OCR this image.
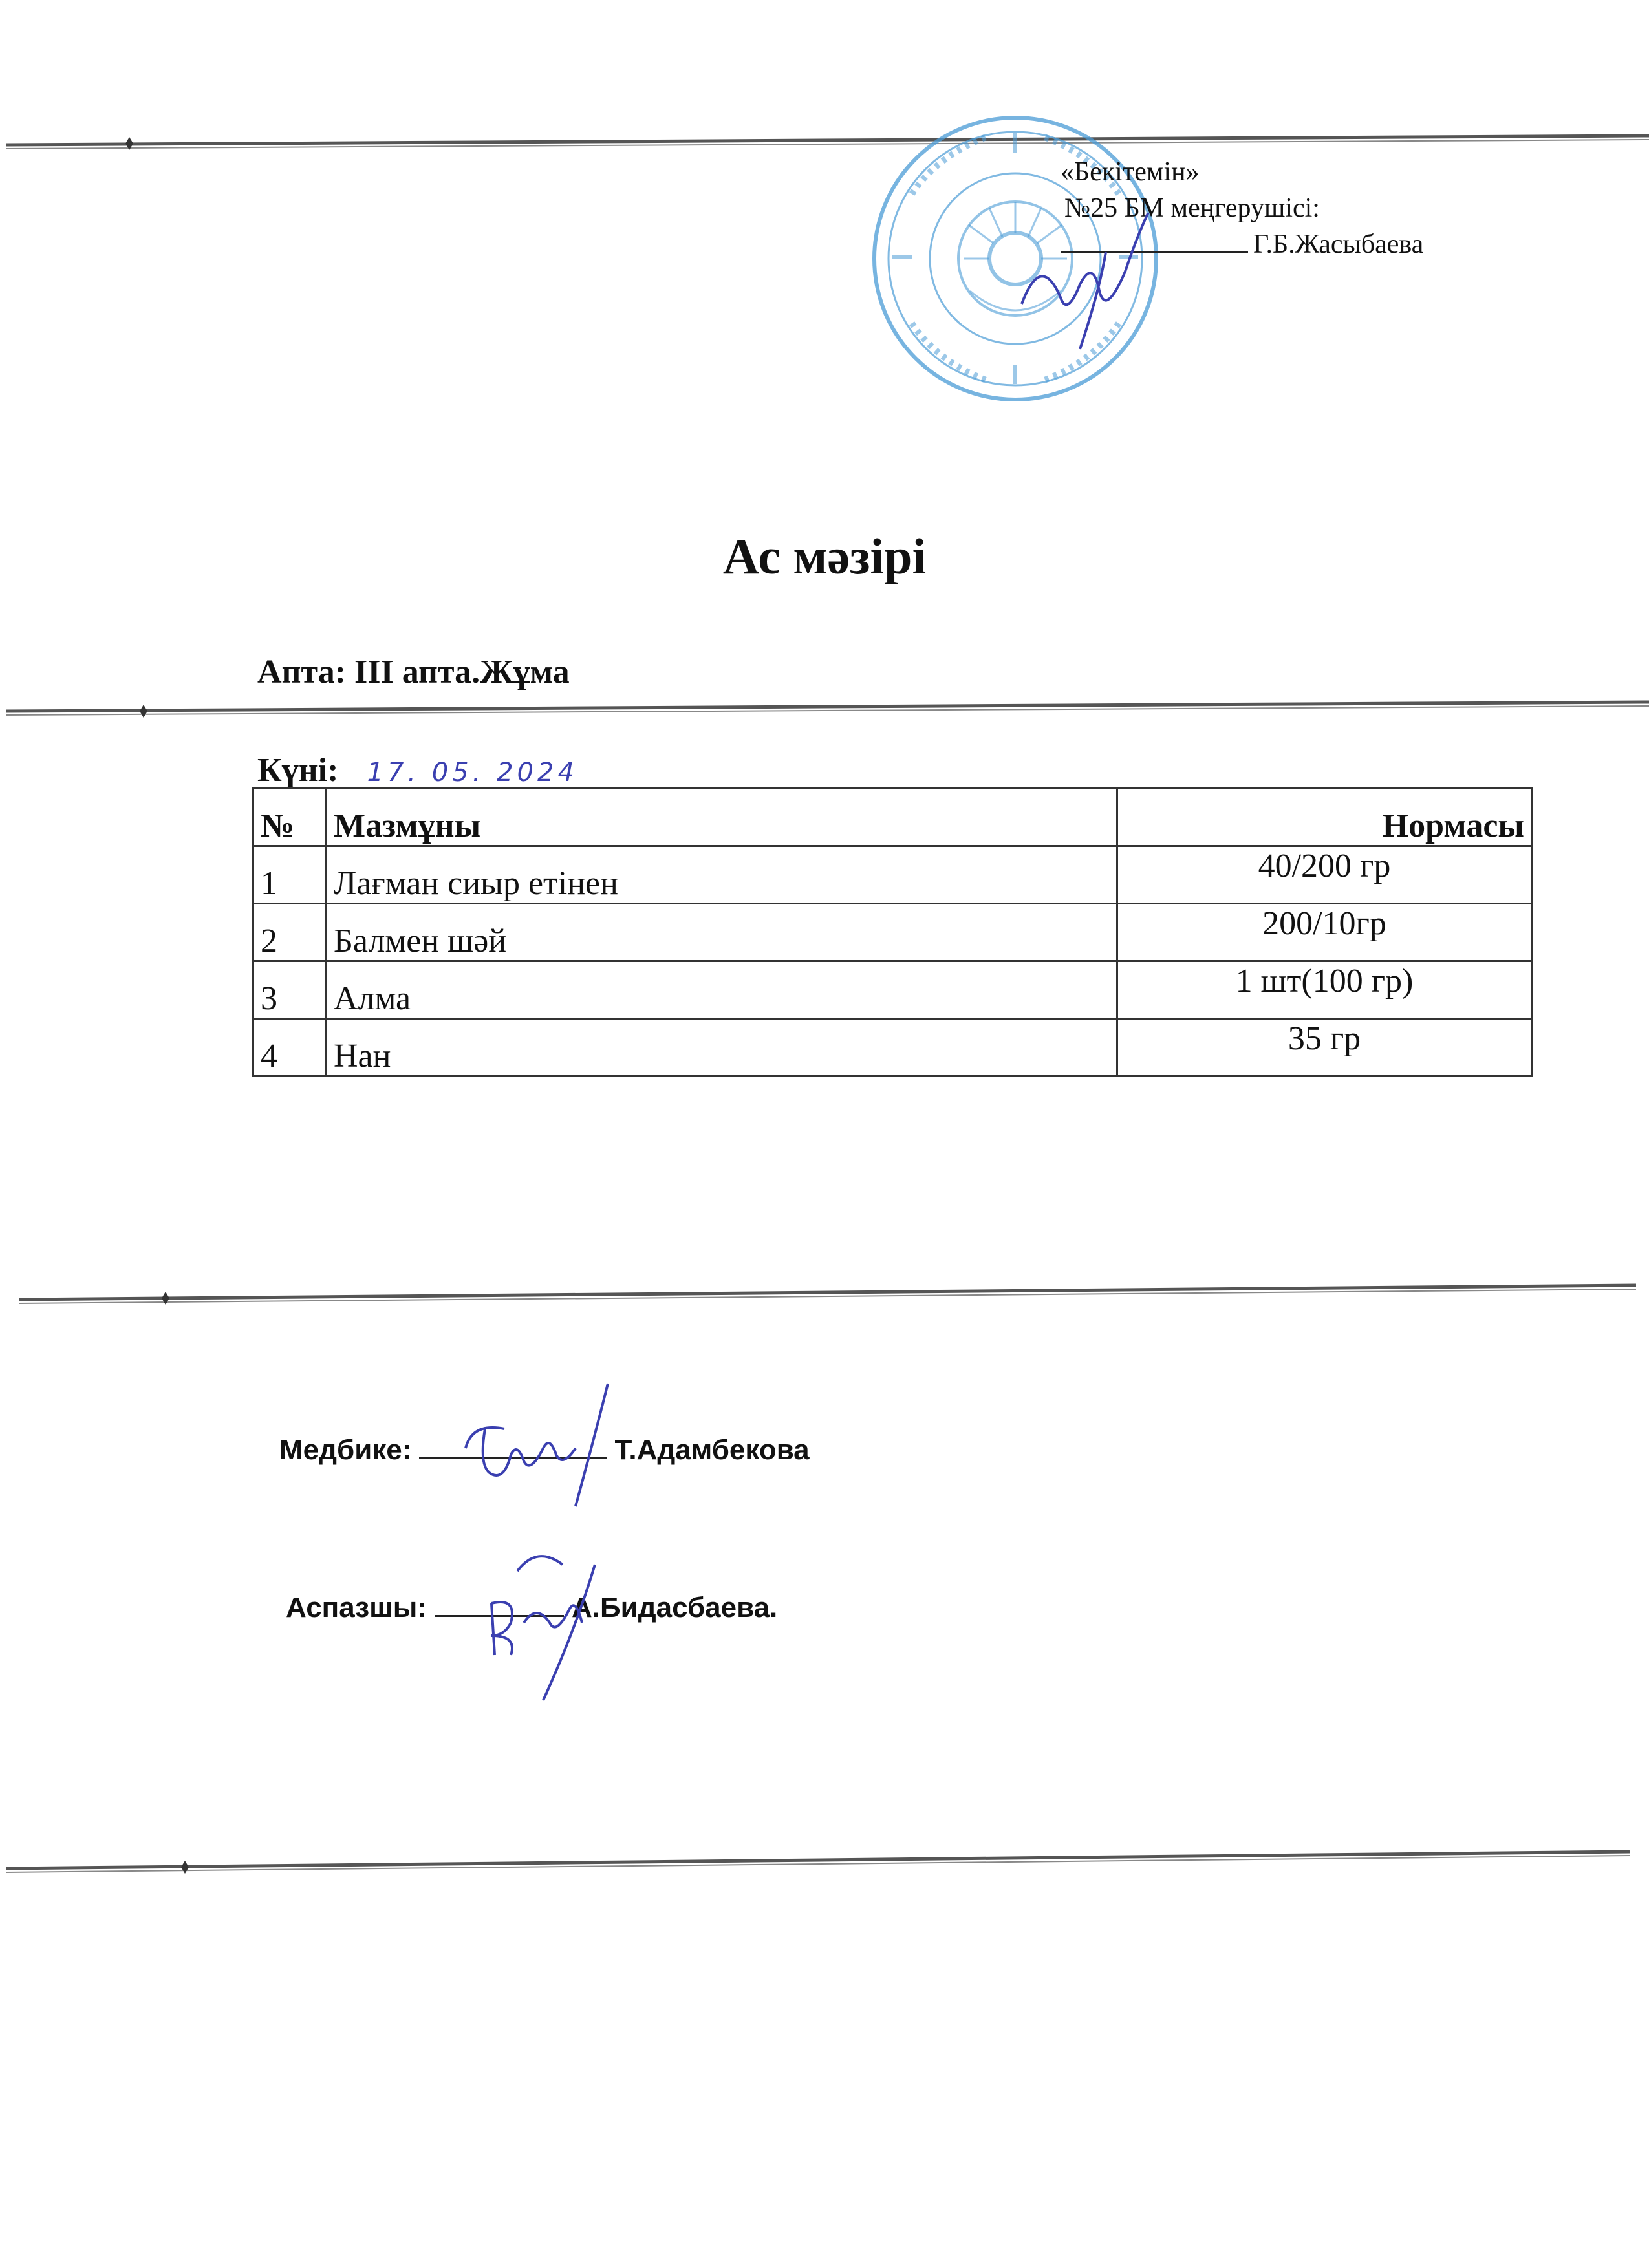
«Бекітемін»
№25 БМ меңгерушісі:
Г.Б.Жасыбаева
Ас мәзірі
Апта: ІІІ апта.Жұма
Күні: 17. 05. 2024
№	Мазмұны	Нормасы
1	Лағман сиыр етінен	40/200 гр
2	Балмен шәй	200/10гр
3	Алма	1 шт(100 гр)
4	Нан	35 гр
Медбике:	Т.Адамбекова
Аспазшы:	А.Бидасбаева.
